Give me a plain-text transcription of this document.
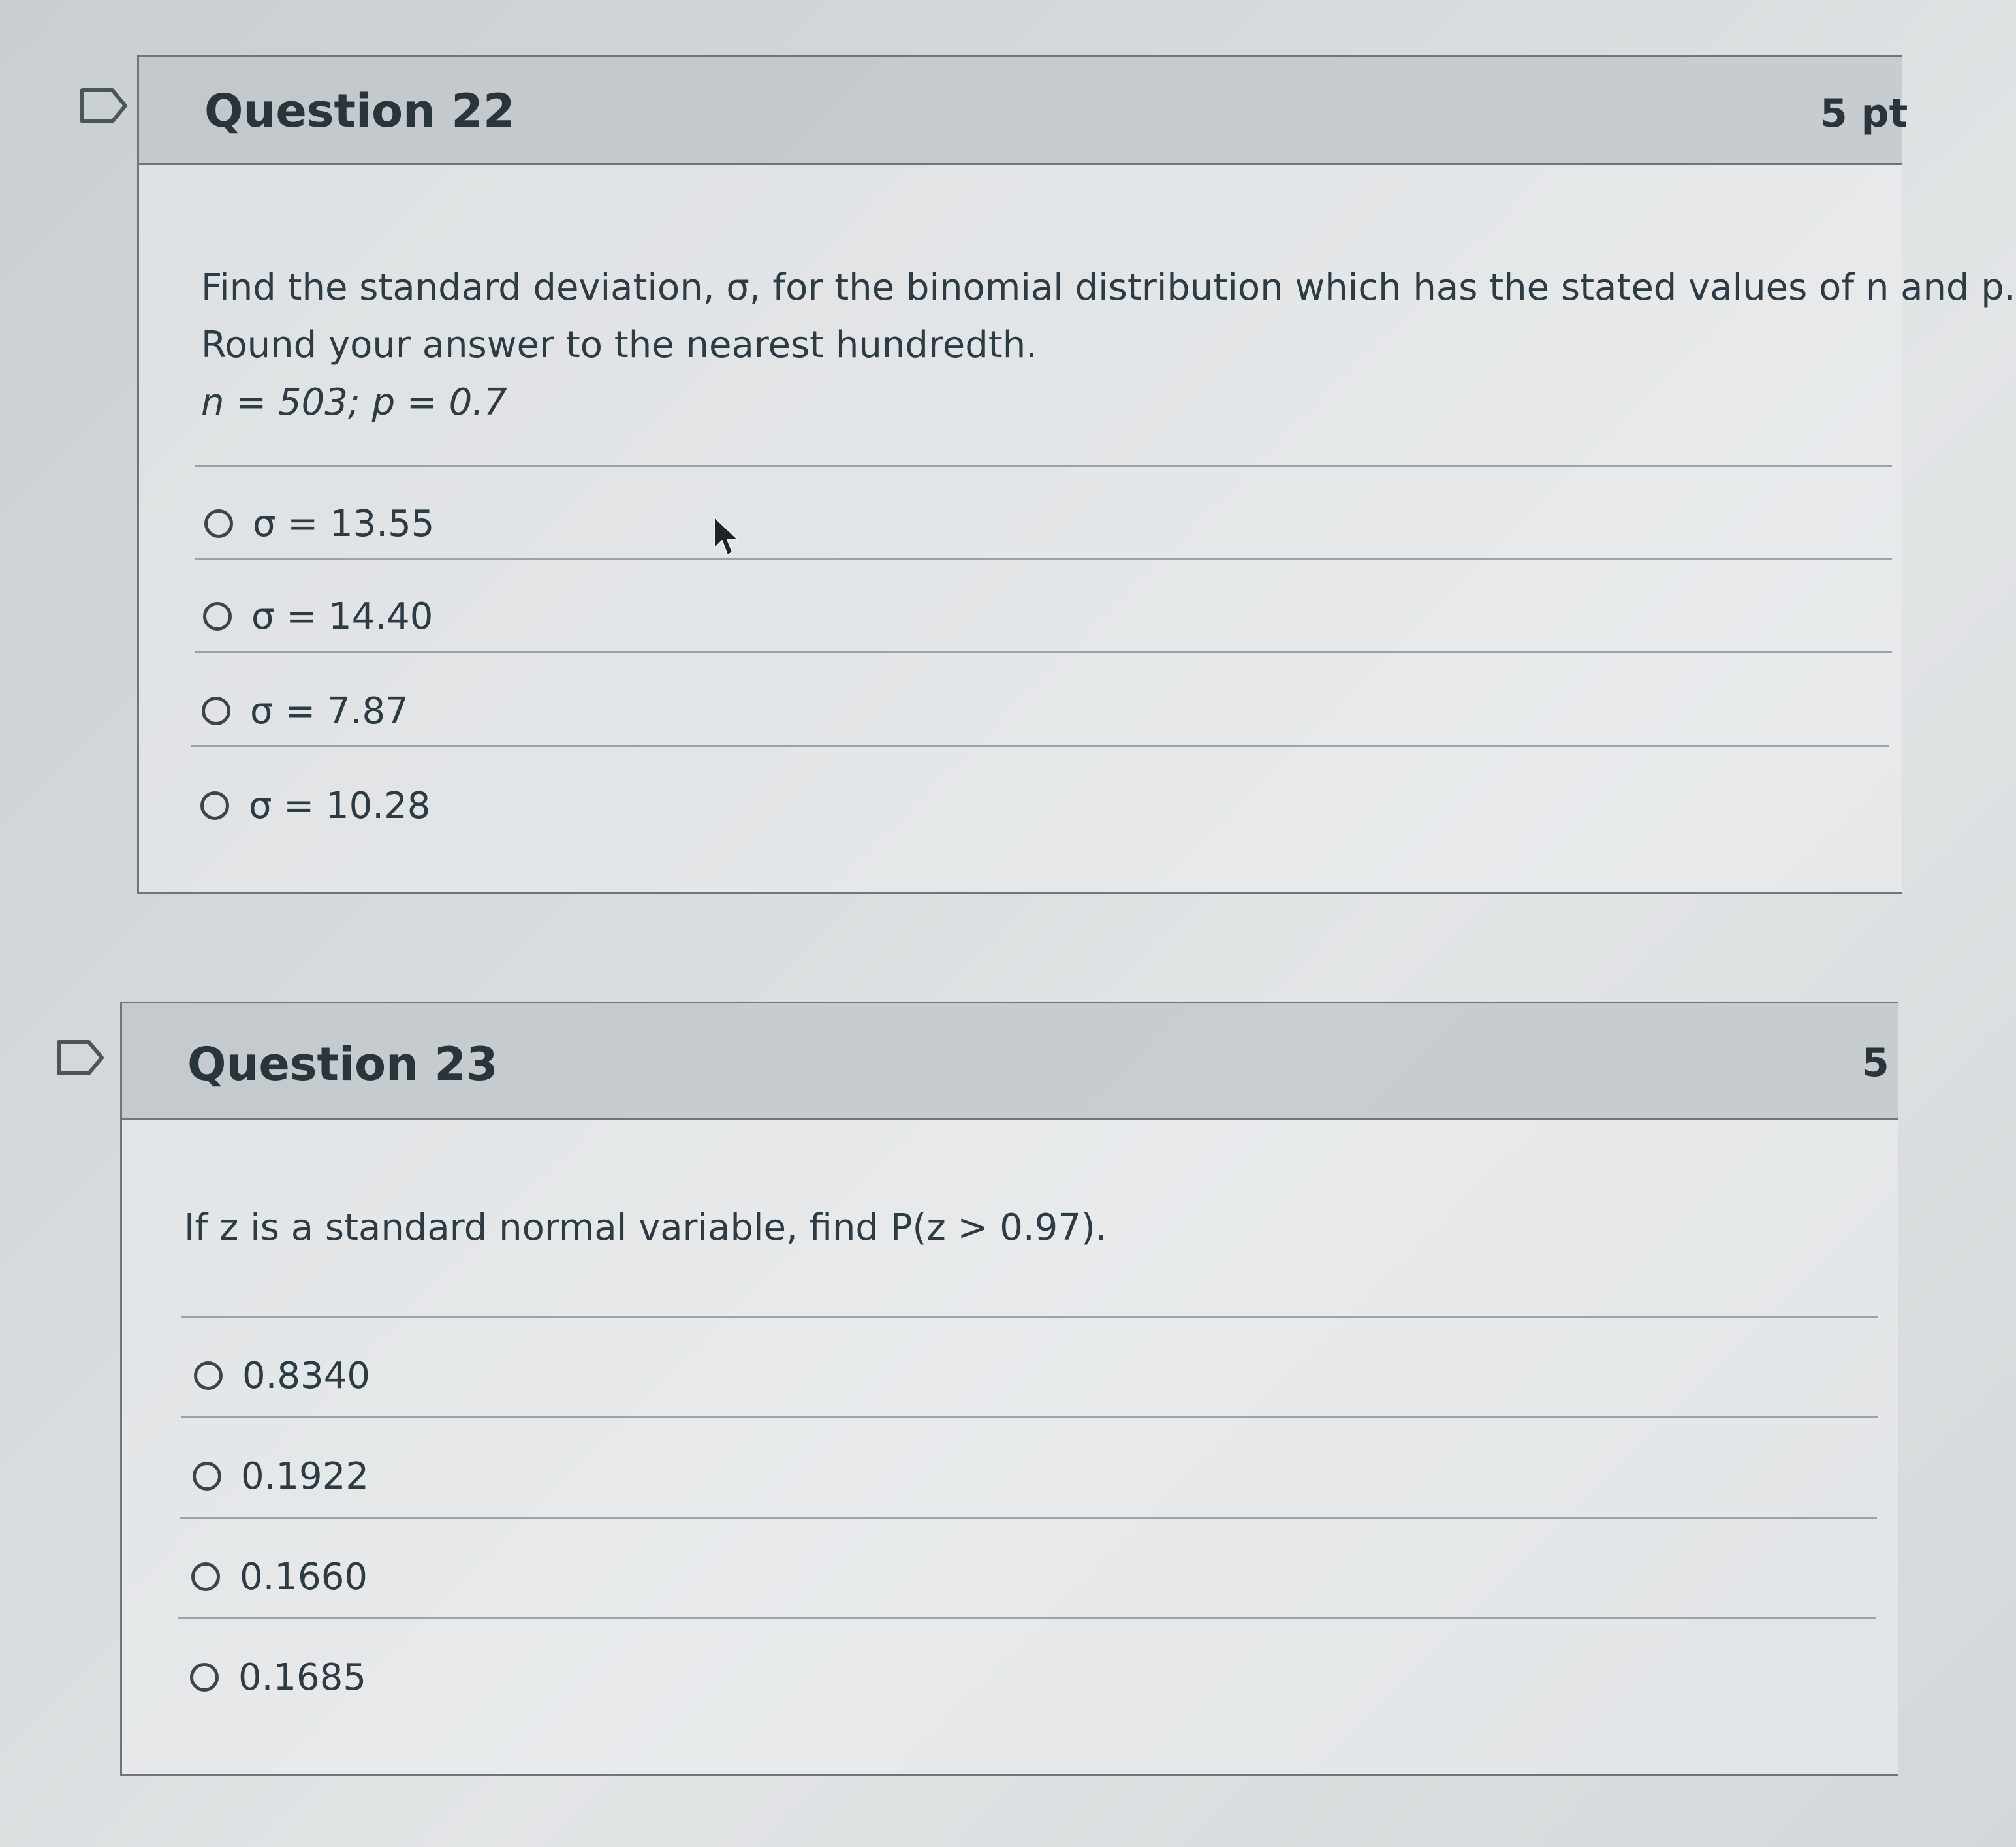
Question 22	5 pt
Find the standard deviation, σ, for the binomial distribution which has the stated values of n and p.
Round your answer to the nearest hundredth.
n = 503; p = 0.7
σ = 13.55
σ = 14.40
σ = 7.87
σ = 10.28
Question 23	5
If z is a standard normal variable, find P(z > 0.97).
0.8340
0.1922
0.1660
0.1685
